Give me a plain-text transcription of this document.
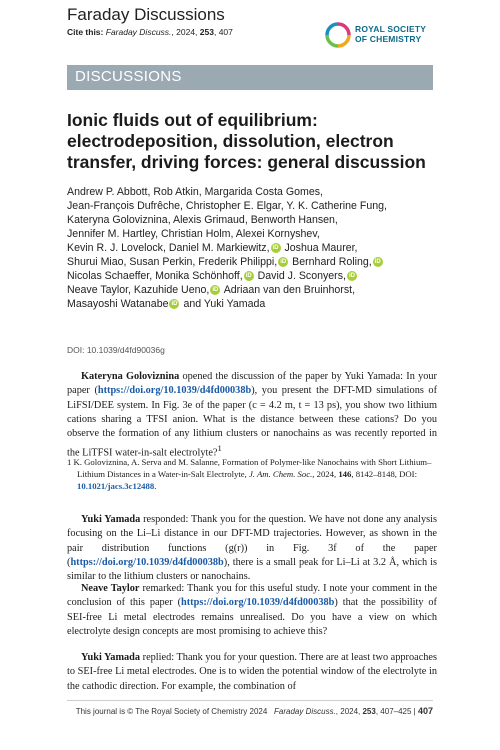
Faraday Discussions
Cite this: Faraday Discuss., 2024, 253, 407	ROYAL SOCIETY
OF CHEMISTRY
DISCUSSIONS
Ionic fluids out of equilibrium: electrodeposition, dissolution, electron transfer, driving forces: general discussion
Andrew P. Abbott, Rob Atkin, Margarida Costa Gomes,
Jean-François Dufrêche, Christopher E. Elgar, Y. K. Catherine Fung,
Kateryna Goloviznina, Alexis Grimaud, Benworth Hansen,
Jennifer M. Hartley, Christian Holm, Alexei Kornyshev,
Kevin R. J. Lovelock, Daniel M. Markiewitz, iD Joshua Maurer,
Shurui Miao, Susan Perkin, Frederik Philippi, iD Bernhard Roling, iD
Nicolas Schaeffer, Monika Schönhoff, iD David J. Sconyers, iD
Neave Taylor, Kazuhide Ueno, iD Adriaan van den Bruinhorst,
Masayoshi Watanabe iD and Yuki Yamada
DOI: 10.1039/d4fd90036g
Kateryna Goloviznina opened the discussion of the paper by Yuki Yamada: In your paper (https://doi.org/10.1039/d4fd00038b), you present the DFT-MD simulations of LiFSI/DEE system. In Fig. 3e of the paper (c = 4.2 m, t = 13 ps), you show two lithium cations sharing a TFSI anion. What is the distance between these cations? Do you observe the formation of any lithium clusters or nanochains as was recently reported in the LiTFSI water-in-salt electrolyte?$^1$
1 K. Goloviznina, A. Serva and M. Salanne, Formation of Polymer-like Nanochains with Short Lithium–Lithium Distances in a Water-in-Salt Electrolyte, J. Am. Chem. Soc., 2024, 146, 8142–8148, DOI: 10.1021/jacs.3c12488.
Yuki Yamada responded: Thank you for the question. We have not done any analysis focusing on the Li–Li distance in our DFT-MD trajectories. However, as shown in the pair distribution functions (g(r)) in Fig. 3f of the paper (https://doi.org/10.1039/d4fd00038b), there is a small peak for Li–Li at 3.2 Å, which is similar to the lithium clusters or nanochains.
Neave Taylor remarked: Thank you for this useful study. I note your comment in the conclusion of this paper (https://doi.org/10.1039/d4fd00038b) that the possibility of SEI-free Li metal electrodes remains unrealised. Do you have a view on which electrolyte design concepts are most promising to achieve this?
Yuki Yamada replied: Thank you for your question. There are at least two approaches to SEI-free Li metal electrodes. One is to widen the potential window of the electrolyte in the cathodic direction. For example, the combination of
This journal is © The Royal Society of Chemistry 2024 Faraday Discuss., 2024, 253, 407–425 | 407
